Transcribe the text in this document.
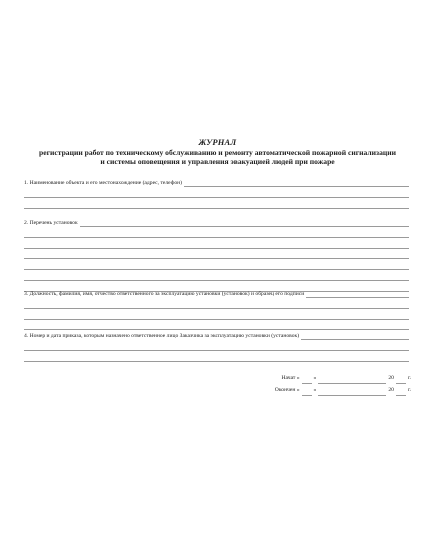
ЖУРНАЛ
регистрации работ по техническому обслуживанию и ремонту автоматической пожарной сигнализации
и системы оповещения и управления эвакуацией людей при пожаре
1. Наименование объекта и его местонахождение (адрес, телефон)
2. Перечень установок
3. Должность, фамилия, имя, отчество ответственного за эксплуатацию установки (установок) и образец его подписи
4. Номер и дата приказа, которым назначено ответственное лицо Заказчика за эксплуатацию установки (установок)
Начат «	»	20	г.
Окончен «	»	20	г.
